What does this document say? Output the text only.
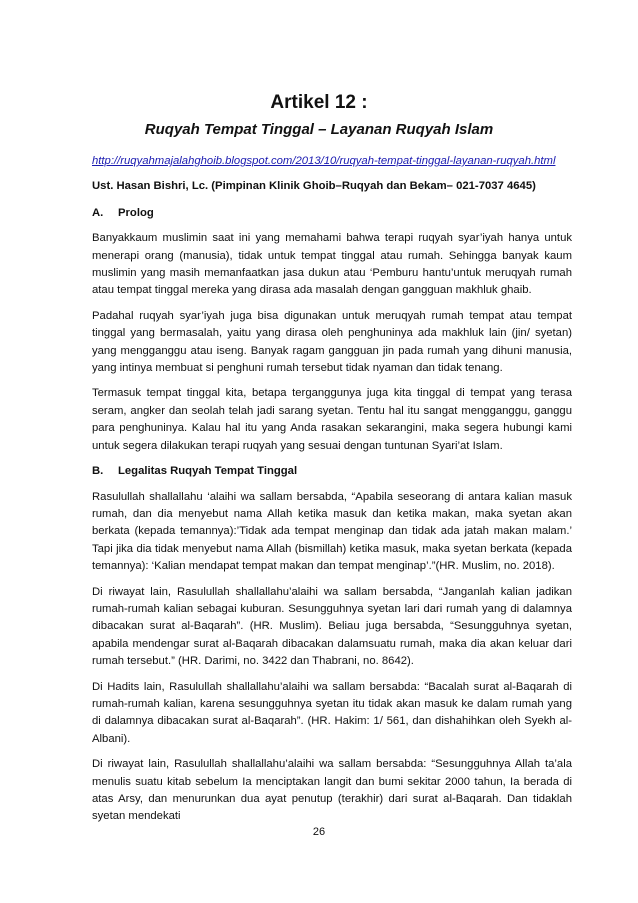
Artikel 12 :
Ruqyah Tempat Tinggal – Layanan Ruqyah Islam
http://ruqyahmajalahghoib.blogspot.com/2013/10/ruqyah-tempat-tinggal-layanan-ruqyah.html

Ust. Hasan Bishri, Lc. (Pimpinan Klinik Ghoib–Ruqyah dan Bekam– 021-7037 4645)

A. Prolog

Banyakkaum muslimin saat ini yang memahami bahwa terapi ruqyah syar’iyah hanya untuk menerapi orang (manusia), tidak untuk tempat tinggal atau rumah. Sehingga banyak kaum muslimin yang masih memanfaatkan jasa dukun atau ‘Pemburu hantu’untuk meruqyah rumah atau tempat tinggal mereka yang dirasa ada masalah dengan gangguan makhluk ghaib.

Padahal ruqyah syar’iyah juga bisa digunakan untuk meruqyah rumah tempat atau tempat tinggal yang bermasalah, yaitu yang dirasa oleh penghuninya ada makhluk lain (jin/ syetan) yang mengganggu atau iseng. Banyak ragam gangguan jin pada rumah yang dihuni manusia, yang intinya membuat si penghuni rumah tersebut tidak nyaman dan tidak tenang.

Termasuk tempat tinggal kita, betapa terganggunya juga kita tinggal di tempat yang terasa seram, angker dan seolah telah jadi sarang syetan. Tentu hal itu sangat mengganggu, ganggu para penghuninya. Kalau hal itu yang Anda rasakan sekarangini, maka segera hubungi kami untuk segera dilakukan terapi ruqyah yang sesuai dengan tuntunan Syari’at Islam.

B. Legalitas Ruqyah Tempat Tinggal

Rasulullah shallallahu ‘alaihi wa sallam bersabda, “Apabila seseorang di antara kalian masuk rumah, dan dia menyebut nama Allah ketika masuk dan ketika makan, maka syetan akan berkata (kepada temannya):’Tidak ada tempat menginap dan tidak ada jatah makan malam.’ Tapi jika dia tidak menyebut nama Allah (bismillah) ketika masuk, maka syetan berkata (kepada temannya): ‘Kalian mendapat tempat makan dan tempat menginap’.”(HR. Muslim, no. 2018).

Di riwayat lain, Rasulullah shallallahu’alaihi wa sallam bersabda, “Janganlah kalian jadikan rumah-rumah kalian sebagai kuburan. Sesungguhnya syetan lari dari rumah yang di dalamnya dibacakan surat al-Baqarah”. (HR. Muslim). Beliau juga bersabda, “Sesungguhnya syetan, apabila mendengar surat al-Baqarah dibacakan dalamsuatu rumah, maka dia akan keluar dari rumah tersebut.” (HR. Darimi, no. 3422 dan Thabrani, no. 8642).

Di Hadits lain, Rasulullah shallallahu’alaihi wa sallam bersabda: “Bacalah surat al-Baqarah di rumah-rumah kalian, karena sesungguhnya syetan itu tidak akan masuk ke dalam rumah yang di dalamnya dibacakan surat al-Baqarah”. (HR. Hakim: 1/ 561, dan dishahihkan oleh Syekh al-Albani).

Di riwayat lain, Rasulullah shallallahu’alaihi wa sallam bersabda: “Sesungguhnya Allah ta’ala menulis suatu kitab sebelum Ia menciptakan langit dan bumi sekitar 2000 tahun, Ia berada di atas Arsy, dan menurunkan dua ayat penutup (terakhir) dari surat al-Baqarah. Dan tidaklah syetan mendekati

26
